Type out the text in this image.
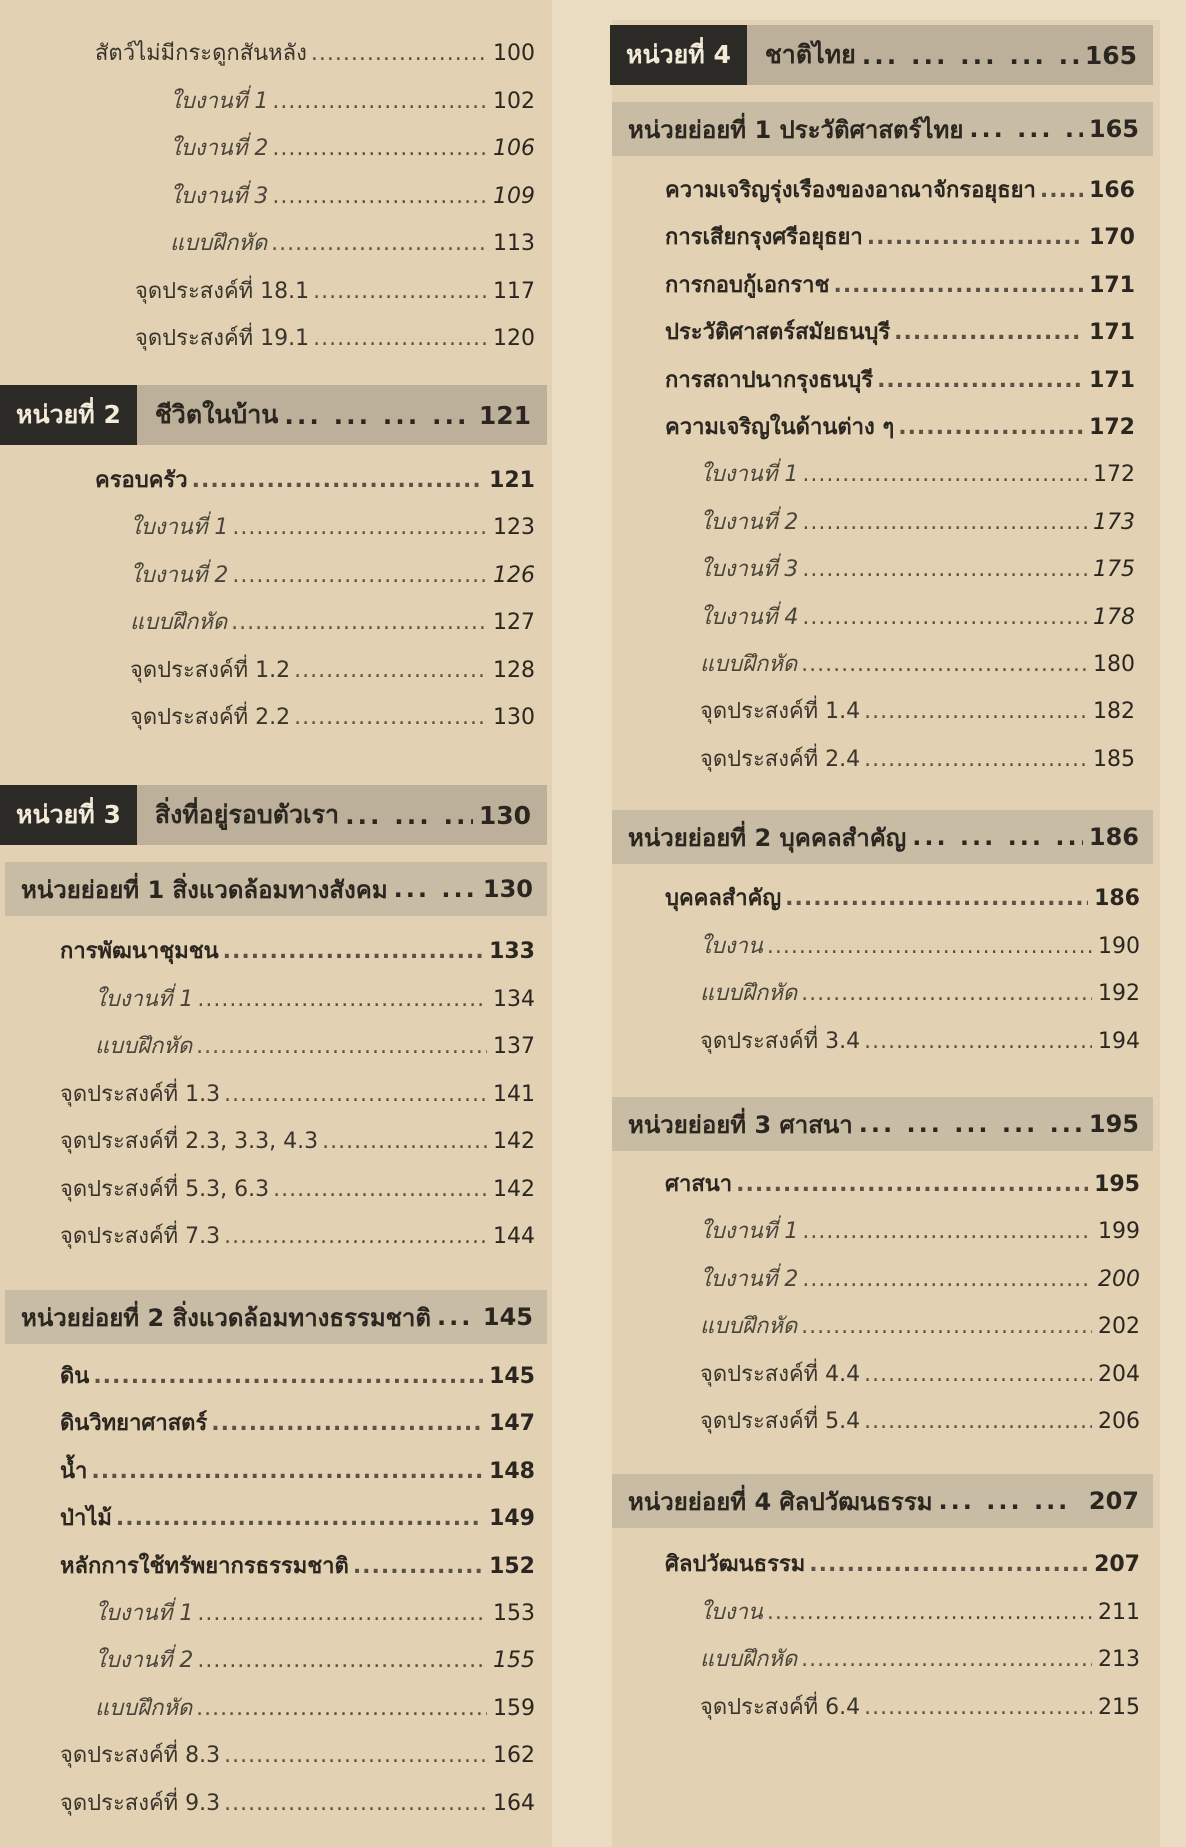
หน่วยที่ 2	ชีวิตในบ้าน ... .	121
หน่วยที่ 3	สิ่งที่อยู่รอบตัวเรา ... .	130
หน่วยย่อยที่ 1 สิ่งแวดล้อมทางสังคม ... .	130
หน่วยย่อยที่ 2 สิ่งแวดล้อมทางธรรมชาติ ... . 145
หน่วยที่ 4	ชาติไทย ... .	165
หน่วยย่อยที่ 1 ประวัติศาสตร์ไทย ... .	165
หน่วยย่อยที่ 2 บุคคลสำคัญ ... .	186
หน่วยย่อยที่ 3 ศาสนา ... .	195
หน่วยย่อยที่ 4 ศิลปวัฒนธรรม ... .	207
สัตว์ไม่มีกระดูกสันหลัง .....	100
ใบงานที่ 1 .....	102
ใบงานที่ 2 .....	106
ใบงานที่ 3 .....	109
แบบฝึกหัด .....	113
จุดประสงค์ที่ 18.1 .....	117
จุดประสงค์ที่ 19.1 .....	120
ครอบครัว .....	121
ใบงานที่ 1 .....	123
ใบงานที่ 2 .....	126
แบบฝึกหัด .....	127
จุดประสงค์ที่ 1.2 .....	128
จุดประสงค์ที่ 2.2 .....	130
การพัฒนาชุมชน .....	133
ใบงานที่ 1 .....	134
แบบฝึกหัด .....	137
จุดประสงค์ที่ 1.3 .....	141
จุดประสงค์ที่ 2.3, 3.3, 4.3 .....	142
จุดประสงค์ที่ 5.3, 6.3 .....	142
จุดประสงค์ที่ 7.3 .....	144
ดิน .....	145
ดินวิทยาศาสตร์ .....	147
น้ำ .....	148
ป่าไม้ .....	149
หลักการใช้ทรัพยากรธรรมชาติ .....	152
ใบงานที่ 1 .....	153
ใบงานที่ 2 .....	155
แบบฝึกหัด .....	159
จุดประสงค์ที่ 8.3 .....	162
จุดประสงค์ที่ 9.3 .....	164
ความเจริญรุ่งเรืองของอาณาจักรอยุธยา ..... 166
การเสียกรุงศรีอยุธยา .....	170
การกอบกู้เอกราช .....	171
ประวัติศาสตร์สมัยธนบุรี .....	171
การสถาปนากรุงธนบุรี .....	171
ความเจริญในด้านต่าง ๆ .....	172
ใบงานที่ 1 .....	172
ใบงานที่ 2 .....	173
ใบงานที่ 3 .....	175
ใบงานที่ 4 .....	178
แบบฝึกหัด .....	180
จุดประสงค์ที่ 1.4 .....	182
จุดประสงค์ที่ 2.4 .....	185
บุคคลสำคัญ .....	186
ใบงาน .....	190
แบบฝึกหัด .....	192
จุดประสงค์ที่ 3.4 .....	194
ศาสนา .....	195
ใบงานที่ 1 .....	199
ใบงานที่ 2 .....	200
แบบฝึกหัด .....	202
จุดประสงค์ที่ 4.4 .....	204
จุดประสงค์ที่ 5.4 .....	206
ศิลปวัฒนธรรม .....	207
ใบงาน .....	211
แบบฝึกหัด .....	213
จุดประสงค์ที่ 6.4 .....	215
